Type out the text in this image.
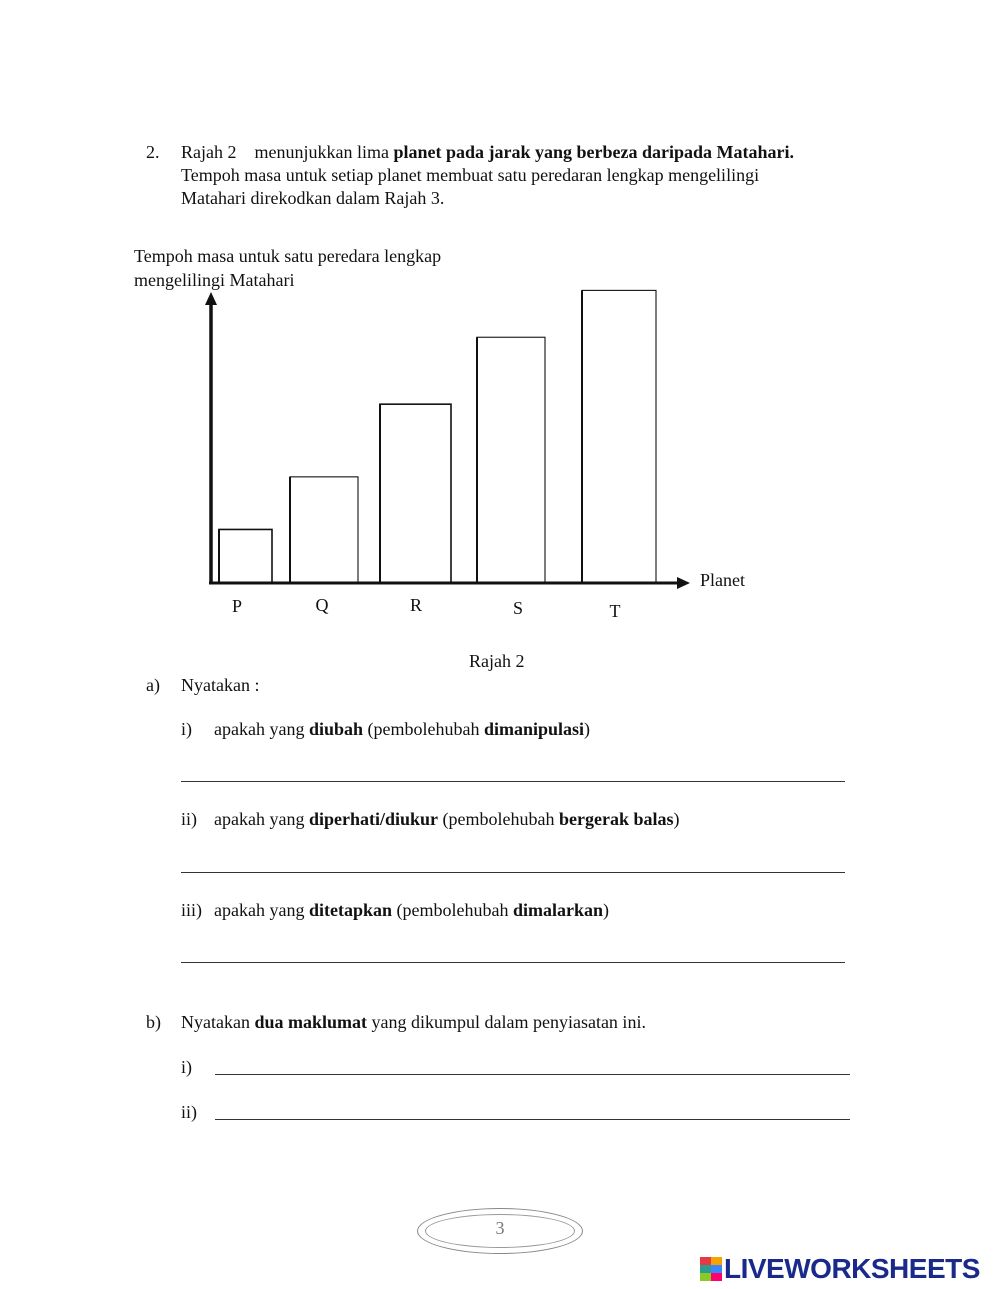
2. Rajah 2 menunjukkan lima planet pada jarak yang berbeza daripada Matahari.
Tempoh masa untuk setiap planet membuat satu peredaran lengkap mengelilingi
Matahari direkodkan dalam Rajah 3.
Tempoh masa untuk satu peredara lengkap
mengelilingi Matahari
P	Q	R	S	T
Planet
Rajah 2
a) Nyatakan :
i) apakah yang diubah (pembolehubah dimanipulasi)
ii) apakah yang diperhati/diukur (pembolehubah bergerak balas)
iii) apakah yang ditetapkan (pembolehubah dimalarkan)
b) Nyatakan dua maklumat yang dikumpul dalam penyiasatan ini.
i)
ii)
3
LIVEWORKSHEETS
